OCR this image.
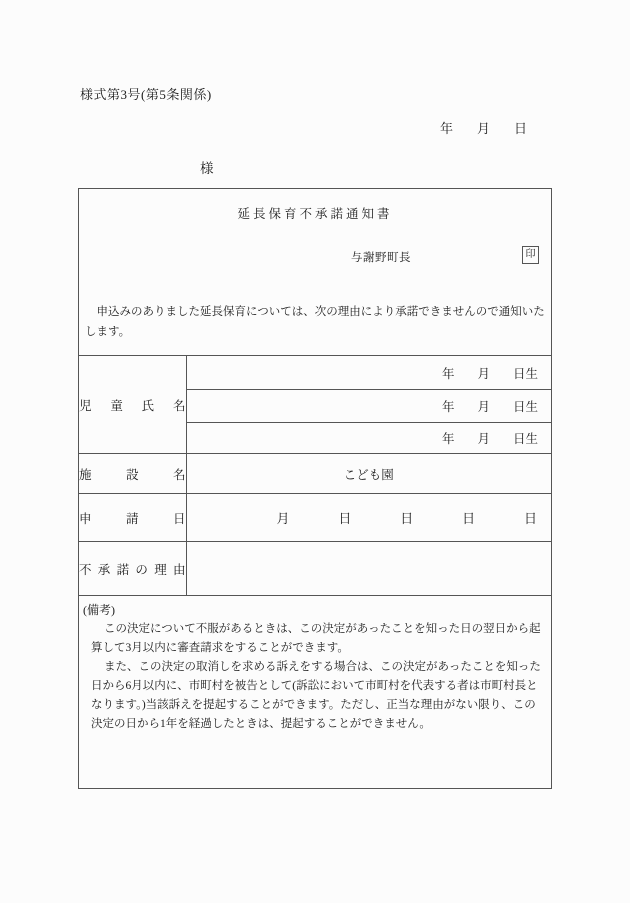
様式第3号(第5条関係)
年 月 日
様
延長保育不承諾通知書
与謝野町長	印
申込みのありました延長保育については、次の理由により承諾できませんので通知いたします。
児童氏名	年 月 日生

	年 月 日生

	年 月 日生

施設名	こども園
申請日	月 日 日 日 日

不承諾の理由	
(備考)

この決定について不服があるときは、この決定があったことを知った日の翌日から起算して3月以内に審査請求をすることができます。

また、この決定の取消しを求める訴えをする場合は、この決定があったことを知った日から6月以内に、市町村を被告として(訴訟において市町村を代表する者は市町村長となります。)当該訴えを提起することができます。ただし、正当な理由がない限り、この決定の日から1年を経過したときは、提起することができません。
